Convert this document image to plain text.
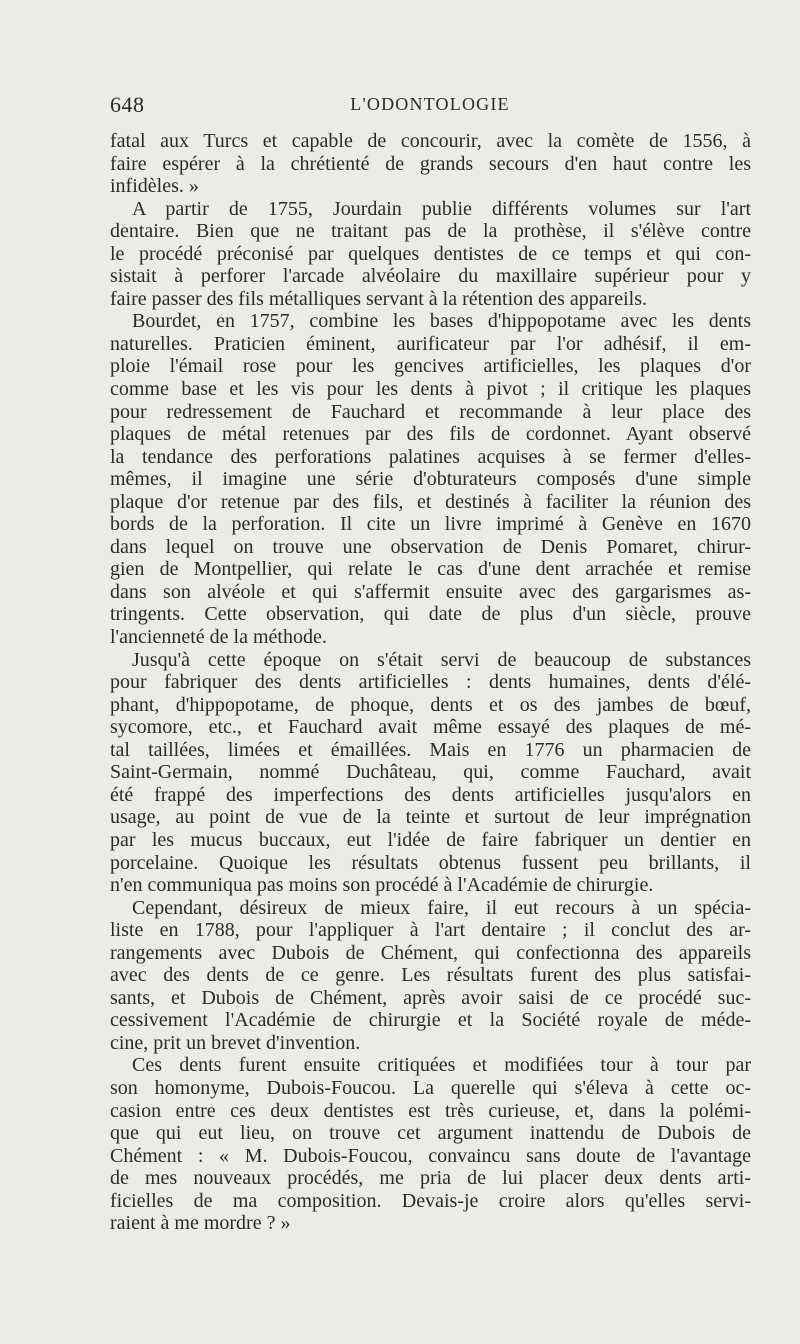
648	L'ODONTOLOGIE
fatal aux Turcs et capable de concourir, avec la comète de 1556, à
faire espérer à la chrétienté de grands secours d'en haut contre les
infidèles. »
A partir de 1755, Jourdain publie différents volumes sur l'art
dentaire. Bien que ne traitant pas de la prothèse, il s'élève contre
le procédé préconisé par quelques dentistes de ce temps et qui con-
sistait à perforer l'arcade alvéolaire du maxillaire supérieur pour y
faire passer des fils métalliques servant à la rétention des appareils.
Bourdet, en 1757, combine les bases d'hippopotame avec les dents
naturelles. Praticien éminent, aurificateur par l'or adhésif, il em-
ploie l'émail rose pour les gencives artificielles, les plaques d'or
comme base et les vis pour les dents à pivot ; il critique les plaques
pour redressement de Fauchard et recommande à leur place des
plaques de métal retenues par des fils de cordonnet. Ayant observé
la tendance des perforations palatines acquises à se fermer d'elles-
mêmes, il imagine une série d'obturateurs composés d'une simple
plaque d'or retenue par des fils, et destinés à faciliter la réunion des
bords de la perforation. Il cite un livre imprimé à Genève en 1670
dans lequel on trouve une observation de Denis Pomaret, chirur-
gien de Montpellier, qui relate le cas d'une dent arrachée et remise
dans son alvéole et qui s'affermit ensuite avec des gargarismes as-
tringents. Cette observation, qui date de plus d'un siècle, prouve
l'ancienneté de la méthode.
Jusqu'à cette époque on s'était servi de beaucoup de substances
pour fabriquer des dents artificielles : dents humaines, dents d'élé-
phant, d'hippopotame, de phoque, dents et os des jambes de bœuf,
sycomore, etc., et Fauchard avait même essayé des plaques de mé-
tal taillées, limées et émaillées. Mais en 1776 un pharmacien de
Saint-Germain, nommé Duchâteau, qui, comme Fauchard, avait
été frappé des imperfections des dents artificielles jusqu'alors en
usage, au point de vue de la teinte et surtout de leur imprégnation
par les mucus buccaux, eut l'idée de faire fabriquer un dentier en
porcelaine. Quoique les résultats obtenus fussent peu brillants, il
n'en communiqua pas moins son procédé à l'Académie de chirurgie.
Cependant, désireux de mieux faire, il eut recours à un spécia-
liste en 1788, pour l'appliquer à l'art dentaire ; il conclut des ar-
rangements avec Dubois de Chément, qui confectionna des appareils
avec des dents de ce genre. Les résultats furent des plus satisfai-
sants, et Dubois de Chément, après avoir saisi de ce procédé suc-
cessivement l'Académie de chirurgie et la Société royale de méde-
cine, prit un brevet d'invention.
Ces dents furent ensuite critiquées et modifiées tour à tour par
son homonyme, Dubois-Foucou. La querelle qui s'éleva à cette oc-
casion entre ces deux dentistes est très curieuse, et, dans la polémi-
que qui eut lieu, on trouve cet argument inattendu de Dubois de
Chément : « M. Dubois-Foucou, convaincu sans doute de l'avantage
de mes nouveaux procédés, me pria de lui placer deux dents arti-
ficielles de ma composition. Devais-je croire alors qu'elles servi-
raient à me mordre ? »
